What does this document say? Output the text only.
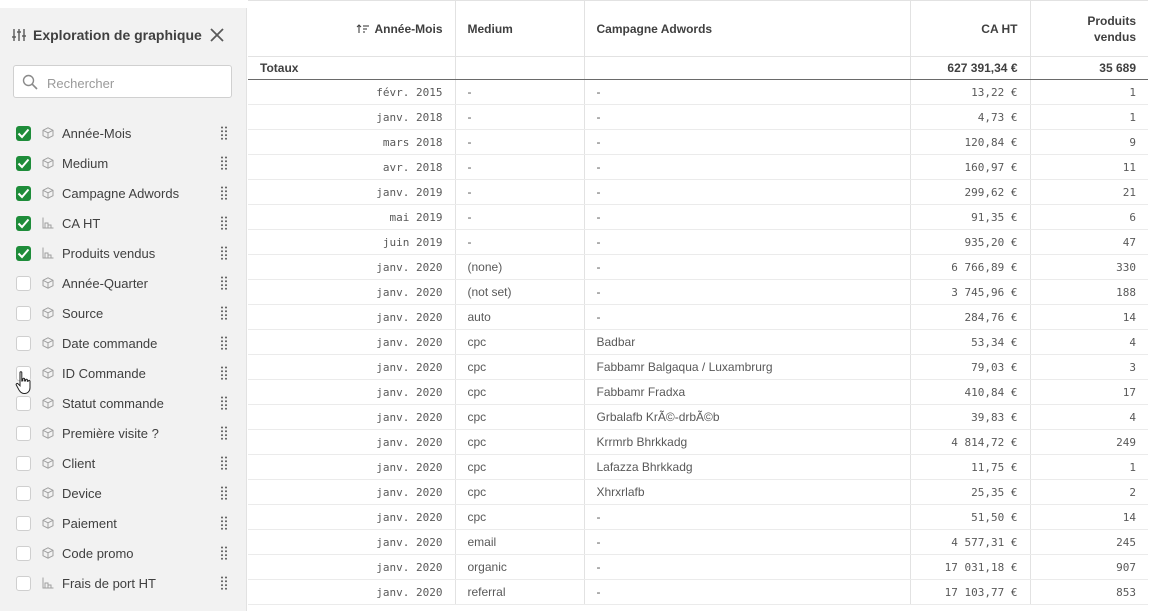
Exploration de graphique
Rechercher
Année-Mois
Medium
Campagne Adwords
CA HT
Produits vendus
Année-Quarter
Source
Date commande
ID Commande
Statut commande
Première visite ?
Client
Device
Paiement
Code promo
Frais de port HT
Année-Mois	Medium	Campagne Adwords	CA HT	Produits
vendus
Totaux			627 391,34 €	35 689
févr. 2015	-	-	13,22 €	1
janv. 2018	-	-	4,73 €	1
mars 2018	-	-	120,84 €	9
avr. 2018	-	-	160,97 €	11
janv. 2019	-	-	299,62 €	21
mai 2019	-	-	91,35 €	6
juin 2019	-	-	935,20 €	47
janv. 2020	(none)	-	6 766,89 €	330
janv. 2020	(not set)	-	3 745,96 €	188
janv. 2020	auto	-	284,76 €	14
janv. 2020	cpc	Badbar	53,34 €	4
janv. 2020	cpc	Fabbamr Balgaqua / Luxambrurg	79,03 €	3
janv. 2020	cpc	Fabbamr Fradxa	410,84 €	17
janv. 2020	cpc	Grbalafb KrÃ©-drbÃ©b	39,83 €	4
janv. 2020	cpc	Krrmrb Bhrkkadg	4 814,72 €	249
janv. 2020	cpc	Lafazza Bhrkkadg	11,75 €	1
janv. 2020	cpc	Xhrxrlafb	25,35 €	2
janv. 2020	cpc	-	51,50 €	14
janv. 2020	email	-	4 577,31 €	245
janv. 2020	organic	-	17 031,18 €	907
janv. 2020	referral	-	17 103,77 €	853
